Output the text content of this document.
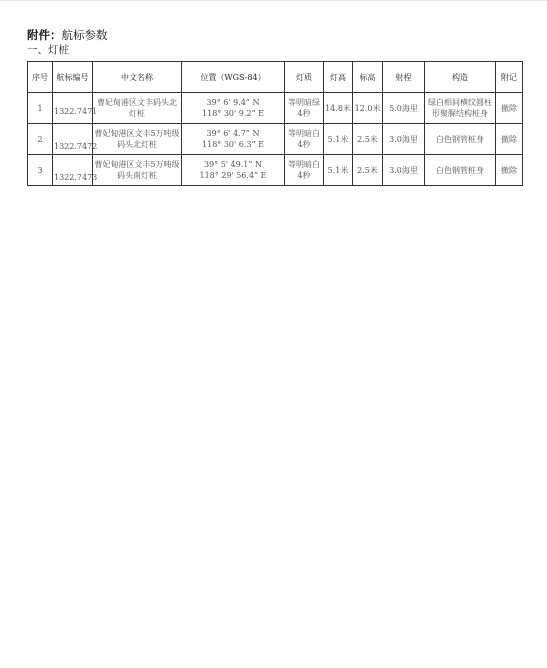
附件：航标参数
一、灯桩
序号	航标编号	中文名称	位置（WGS-84）	灯质	灯高	标高	射程	构造	附记
1	1322.7471	曹妃甸港区文丰码头北灯桩	39° 6' 9.4” N
118° 30' 9.2” E	等明暗绿4秒	14.8米	12.0米	5.0海里	绿白相间横纹圆柱形聚脲结构桩身	撤除
2	1322.7472	曹妃甸港区文丰5万吨级码头北灯桩	39° 6' 4.7” N
118° 30' 6.3” E	等明暗白4秒	5.1米	2.5米	3.0海里	白色钢管桩身	撤除
3	1322.7473	曹妃甸港区文丰5万吨级码头南灯桩	39° 5' 49.1” N
118° 29' 56.4” E	等明暗白4秒	5.1米	2.5米	3.0海里	白色钢管桩身	撤除
